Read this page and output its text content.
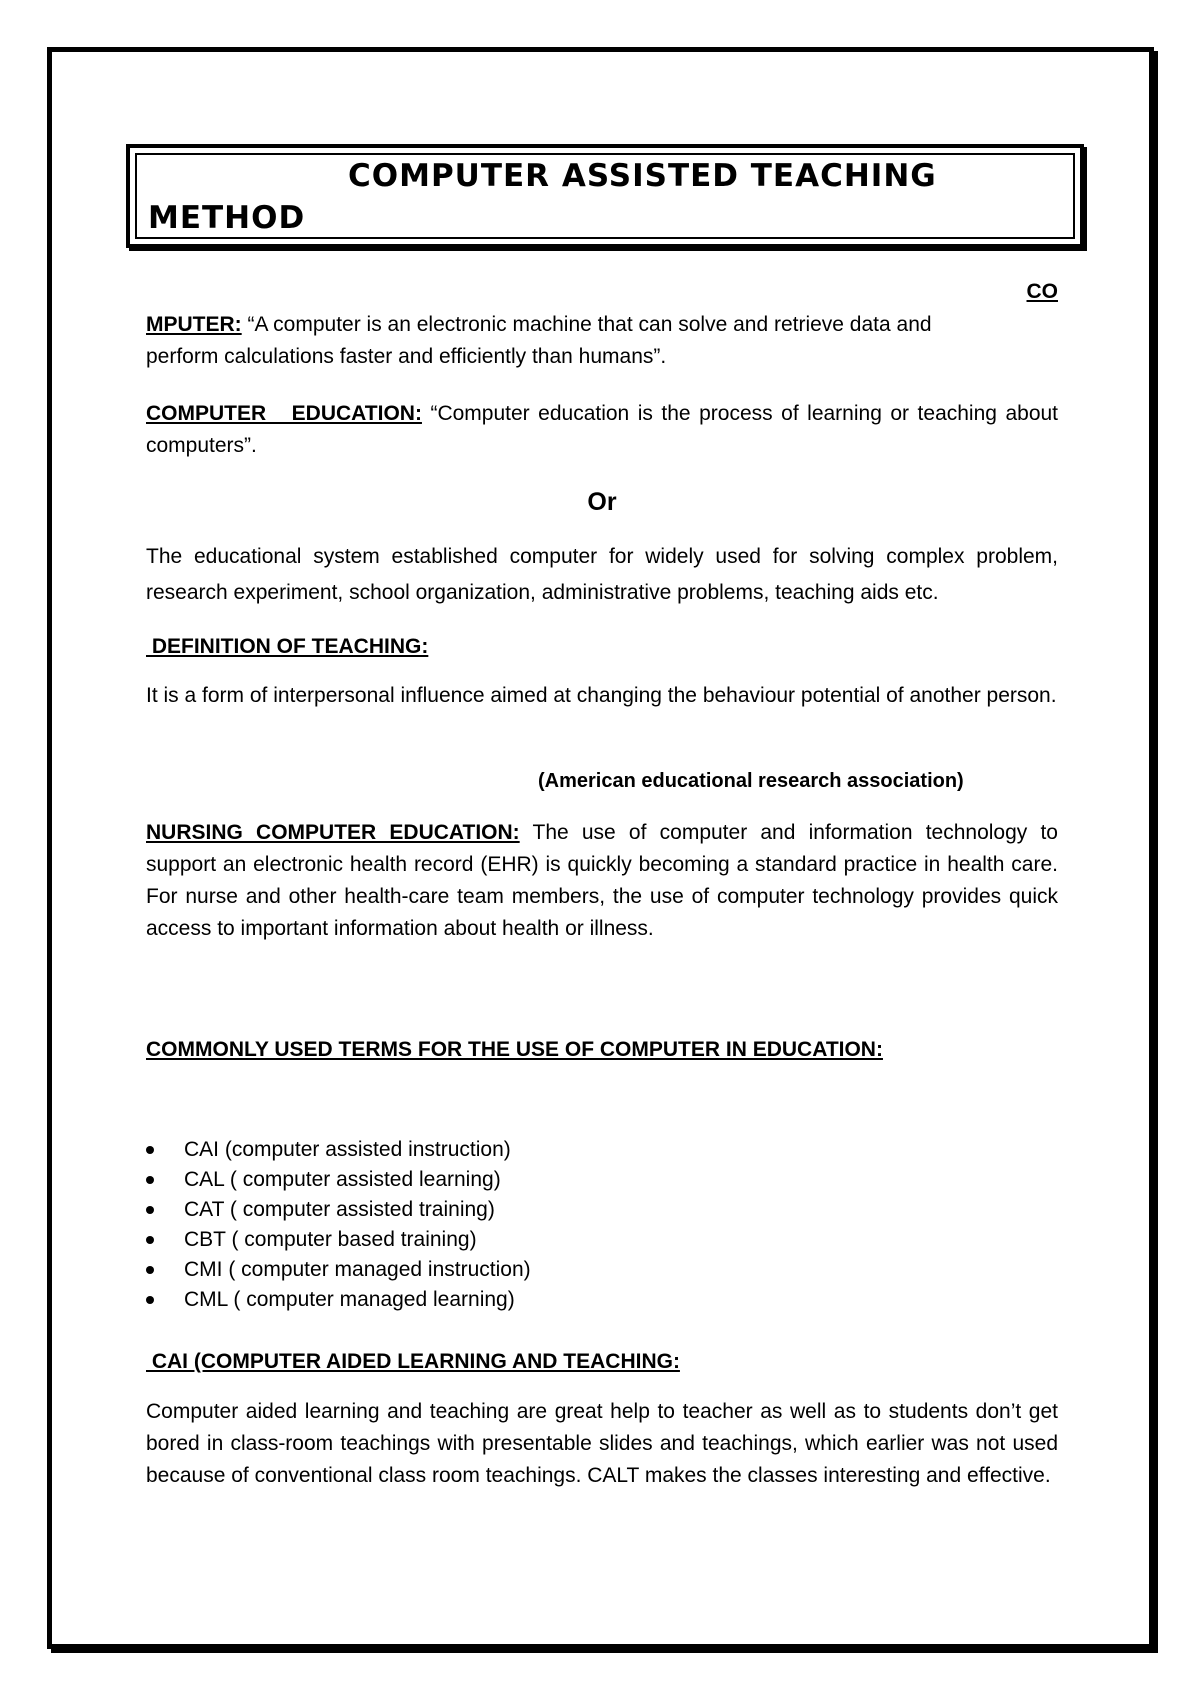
COMPUTER ASSISTED TEACHING
METHOD
CO
MPUTER: “A computer is an electronic machine that can solve and retrieve data and
perform calculations faster and efficiently than humans”.
COMPUTER   EDUCATION: “Computer education is the process of learning or teaching about computers”.
Or
The educational system established computer for widely used for solving complex problem, research experiment, school organization, administrative problems, teaching aids etc.
DEFINITION OF TEACHING:
It is a form of interpersonal influence aimed at changing the behaviour potential of another person.
(American educational research association)
NURSING COMPUTER EDUCATION: The use of computer and information technology to support an electronic health record (EHR) is quickly becoming a standard practice in health care. For nurse and other health-care team members, the use of computer technology provides quick access to important information about health or illness.
COMMONLY USED TERMS FOR THE USE OF COMPUTER IN EDUCATION:
CAI (computer assisted instruction)
CAL ( computer assisted learning)
CAT ( computer assisted training)
CBT ( computer based training)
CMI ( computer managed instruction)
CML ( computer managed learning)
CAI (COMPUTER AIDED LEARNING AND TEACHING:
Computer aided learning and teaching are great help to teacher as well as to students don’t get bored in class-room teachings with presentable slides and teachings, which earlier was not used because of conventional class room teachings. CALT makes the classes interesting and effective.
